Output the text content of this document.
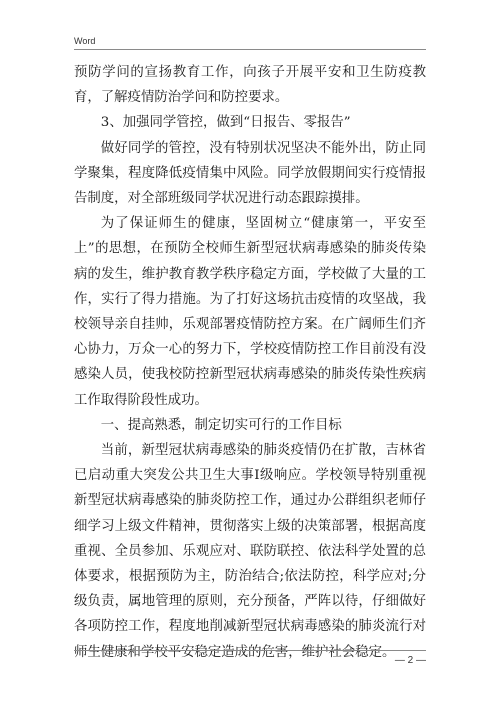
Word

预防学问的宣扬教育工作，向孩子开展平安和卫生防疫教育，了解疫情防治学问和防控要求。

3、加强同学管控，做到“日报告、零报告”

做好同学的管控，没有特别状况坚决不能外出，防止同学聚集，程度降低疫情集中风险。同学放假期间实行疫情报告制度，对全部班级同学状况进行动态跟踪摸排。

为了保证师生的健康，坚固树立“健康第一，平安至上”的思想，在预防全校师生新型冠状病毒感染的肺炎传染病的发生，维护教育教学秩序稳定方面，学校做了大量的工作，实行了得力措施。为了打好这场抗击疫情的攻坚战，我校领导亲自挂帅，乐观部署疫情防控方案。在广阔师生们齐心协力，万众一心的努力下，学校疫情防控工作目前没有没感染人员，使我校防控新型冠状病毒感染的肺炎传染性疾病工作取得阶段性成功。

一、提高熟悉，制定切实可行的工作目标

当前，新型冠状病毒感染的肺炎疫情仍在扩散，吉林省已启动重大突发公共卫生大事Ⅰ级响应。学校领导特别重视新型冠状病毒感染的肺炎防控工作，通过办公群组织老师仔细学习上级文件精神，贯彻落实上级的决策部署，根据高度重视、全员参加、乐观应对、联防联控、依法科学处置的总体要求，根据预防为主，防治结合;依法防控，科学应对;分级负责，属地管理的原则，充分预备，严阵以待，仔细做好各项防控工作，程度地削减新型冠状病毒感染的肺炎流行对师生健康和学校平安稳定造成的危害，维护社会稳定。

— 2 —
